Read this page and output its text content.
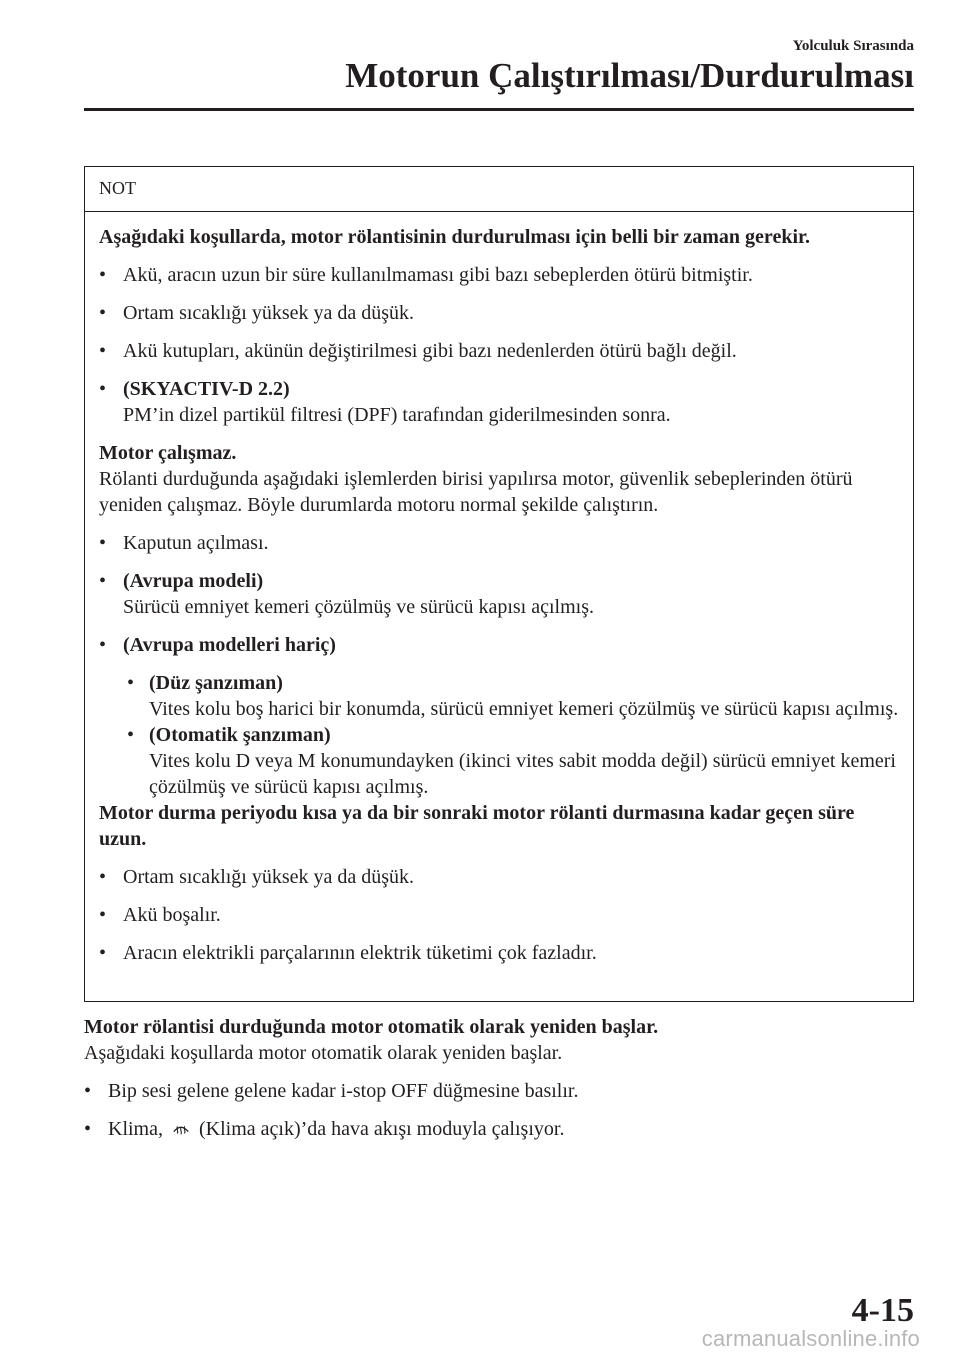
Yolculuk Sırasında
Motorun Çalıştırılması/Durdurulması
NOT

Aşağıdaki koşullarda, motor rölantisinin durdurulması için belli bir zaman gerekir.

• Akü, aracın uzun bir süre kullanılmaması gibi bazı sebeplerden ötürü bitmiştir.
• Ortam sıcaklığı yüksek ya da düşük.
• Akü kutupları, akünün değiştirilmesi gibi bazı nedenlerden ötürü bağlı değil.
• (SKYACTIV-D 2.2)
PM’in dizel partikül filtresi (DPF) tarafından giderilmesinden sonra.

Motor çalışmaz.

Rölanti durduğunda aşağıdaki işlemlerden birisi yapılırsa motor, güvenlik sebeplerinden ötürü yeniden çalışmaz. Böyle durumlarda motoru normal şekilde çalıştırın.

• Kaputun açılması.
• (Avrupa modeli)
Sürücü emniyet kemeri çözülmüş ve sürücü kapısı açılmış.
• (Avrupa modelleri hariç)
• (Düz şanzıman)
Vites kolu boş harici bir konumda, sürücü emniyet kemeri çözülmüş ve sürücü kapısı açılmış.
• (Otomatik şanzıman)
Vites kolu D veya M konumundayken (ikinci vites sabit modda değil) sürücü emniyet kemeri çözülmüş ve sürücü kapısı açılmış.

Motor durma periyodu kısa ya da bir sonraki motor rölanti durmasına kadar geçen süre uzun.

• Ortam sıcaklığı yüksek ya da düşük.
• Akü boşalır.
• Aracın elektrikli parçalarının elektrik tüketimi çok fazladır.

Motor rölantisi durduğunda motor otomatik olarak yeniden başlar.

Aşağıdaki koşullarda motor otomatik olarak yeniden başlar.

• Bip sesi gelene gelene kadar i-stop OFF düğmesine basılır.
• Klima, (Klima açık)’da hava akışı moduyla çalışıyor.
4-15
carmanualsonline.info
